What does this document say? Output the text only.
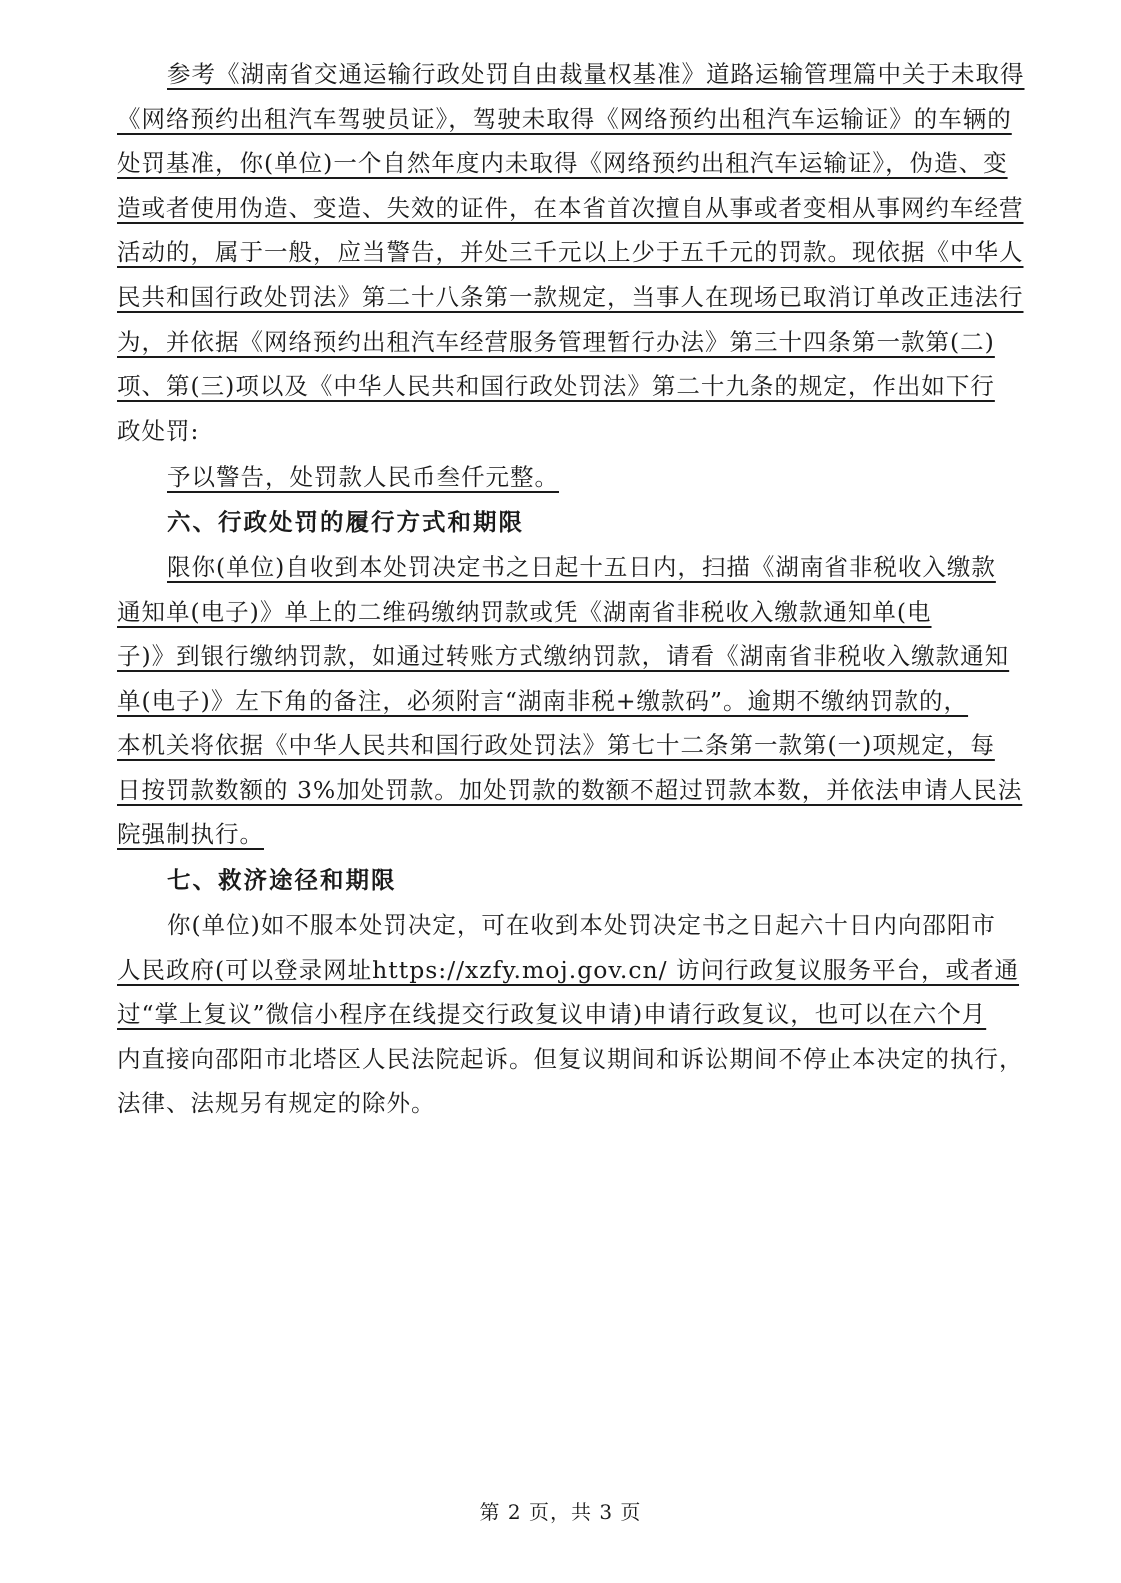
参考《湖南省交通运输行政处罚自由裁量权基准》道路运输管理篇中关于未取得
《网络预约出租汽车驾驶员证》，驾驶未取得《网络预约出租汽车运输证》的车辆的
处罚基准，你(单位)一个自然年度内未取得《网络预约出租汽车运输证》，伪造、变
造或者使用伪造、变造、失效的证件，在本省首次擅自从事或者变相从事网约车经营
活动的，属于一般，应当警告，并处三千元以上少于五千元的罚款。现依据《中华人
民共和国行政处罚法》第二十八条第一款规定，当事人在现场已取消订单改正违法行
为，并依据《网络预约出租汽车经营服务管理暂行办法》第三十四条第一款第(二)
项、第(三)项以及《中华人民共和国行政处罚法》第二十九条的规定，作出如下行
政处罚:
予以警告，处罚款人民币叁仟元整。
六、行政处罚的履行方式和期限
限你(单位)自收到本处罚决定书之日起十五日内，扫描《湖南省非税收入缴款
通知单(电子)》单上的二维码缴纳罚款或凭《湖南省非税收入缴款通知单(电
子)》到银行缴纳罚款，如通过转账方式缴纳罚款，请看《湖南省非税收入缴款通知
单(电子)》左下角的备注，必须附言“湖南非税+缴款码”。逾期不缴纳罚款的，
本机关将依据《中华人民共和国行政处罚法》第七十二条第一款第(一)项规定，每
日按罚款数额的 3%加处罚款。加处罚款的数额不超过罚款本数，并依法申请人民法
院强制执行。
七、救济途径和期限
你(单位)如不服本处罚决定，可在收到本处罚决定书之日起六十日内向邵阳市
人民政府(可以登录网址https://xzfy.moj.gov.cn/ 访问行政复议服务平台，或者通
过“掌上复议”微信小程序在线提交行政复议申请)申请行政复议，也可以在六个月
内直接向邵阳市北塔区人民法院起诉。但复议期间和诉讼期间不停止本决定的执行，
法律、法规另有规定的除外。
第 2 页，共 3 页
